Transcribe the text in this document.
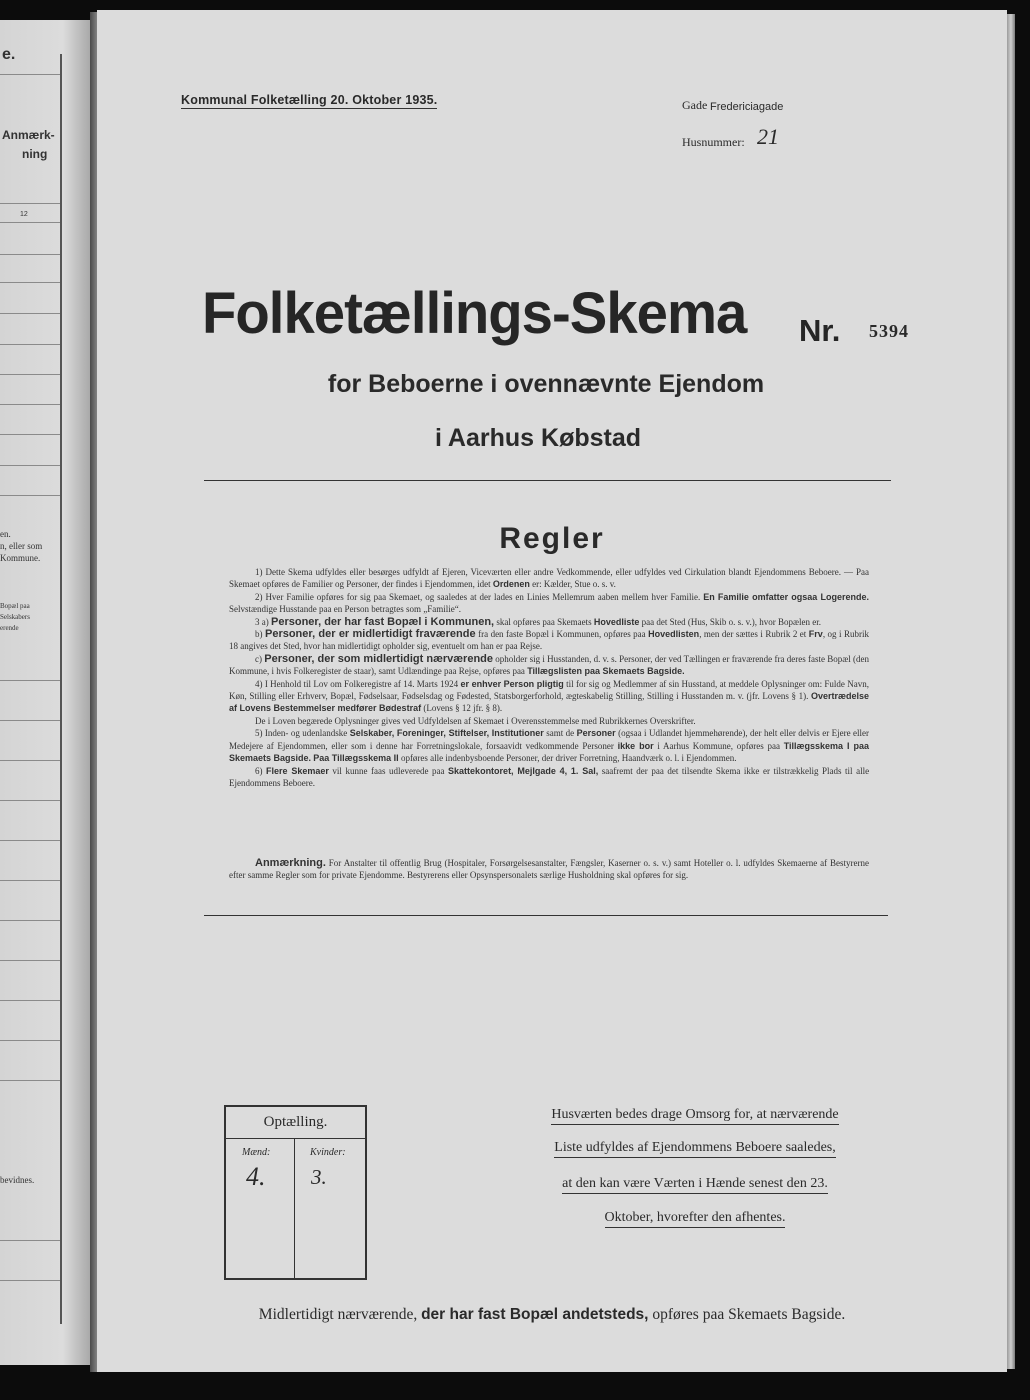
e.
Anmærk-
ning
12
en.
n, eller som
Kommune.
Bopæl paa
Selskabers
erende
bevidnes.
Kommunal Folketælling 20. Oktober 1935.	Gade Fredericiagade
Husnummer: 21
Folketællings-Skema Nr. 5394
for Beboerne i ovennævnte Ejendom
i Aarhus Købstad
Regler

1) Dette Skema udfyldes eller besørges udfyldt af Ejeren, Viceværten eller andre Vedkommende, eller udfyldes ved Cirkulation blandt Ejendommens Beboere. — Paa Skemaet opføres de Familier og Personer, der findes i Ejendommen, idet Ordenen er: Kælder, Stue o. s. v.

2) Hver Familie opføres for sig paa Skemaet, og saaledes at der lades en Linies Mellemrum aaben mellem hver Familie. En Familie omfatter ogsaa Logerende. Selvstændige Husstande paa en Person betragtes som „Familie“.

3 a) Personer, der har fast Bopæl i Kommunen, skal opføres paa Skemaets Hovedliste paa det Sted (Hus, Skib o. s. v.), hvor Bopælen er.

b) Personer, der er midlertidigt fraværende fra den faste Bopæl i Kommunen, opføres paa Hovedlisten, men der sættes i Rubrik 2 et Frv, og i Rubrik 18 angives det Sted, hvor han midlertidigt opholder sig, eventuelt om han er paa Rejse.

c) Personer, der som midlertidigt nærværende opholder sig i Husstanden, d. v. s. Personer, der ved Tællingen er fraværende fra deres faste Bopæl (den Kommune, i hvis Folkeregister de staar), samt Udlændinge paa Rejse, opføres paa Tillægslisten paa Skemaets Bagside.

4) I Henhold til Lov om Folkeregistre af 14. Marts 1924 er enhver Person pligtig til for sig og Medlemmer af sin Husstand, at meddele Oplysninger om: Fulde Navn, Køn, Stilling eller Erhverv, Bopæl, Fødselsaar, Fødselsdag og Fødested, Statsborgerforhold, ægteskabelig Stilling, Stilling i Husstanden m. v. (jfr. Lovens § 1). Overtrædelse af Lovens Bestemmelser medfører Bødestraf (Lovens § 12 jfr. § 8).

De i Loven begærede Oplysninger gives ved Udfyldelsen af Skemaet i Overensstemmelse med Rubrikkernes Overskrifter.

5) Inden- og udenlandske Selskaber, Foreninger, Stiftelser, Institutioner samt de Personer (ogsaa i Udlandet hjemmehørende), der helt eller delvis er Ejere eller Medejere af Ejendommen, eller som i denne har Forretningslokale, forsaavidt vedkommende Personer ikke bor i Aarhus Kommune, opføres paa Tillægsskema I paa Skemaets Bagside. Paa Tillægsskema II opføres alle indenbysboende Personer, der driver Forretning, Haandværk o. l. i Ejendommen.

6) Flere Skemaer vil kunne faas udleverede paa Skattekontoret, Mejlgade 4, 1. Sal, saafremt der paa det tilsendte Skema ikke er tilstrækkelig Plads til alle Ejendommens Beboere.

Anmærkning. For Anstalter til offentlig Brug (Hospitaler, Forsørgelsesanstalter, Fængsler, Kaserner o. s. v.) samt Hoteller o. l. udfyldes Skemaerne af Bestyrerne efter samme Regler som for private Ejendomme. Bestyrerens eller Opsynspersonalets særlige Husholdning skal opføres for sig.
Optælling.
Mænd:	Kvinder:
4. 3.
Husværten bedes drage Omsorg for, at nærværende
Liste udfyldes af Ejendommens Beboere saaledes,
at den kan være Værten i Hænde senest den 23.
Oktober, hvorefter den afhentes.
Midlertidigt nærværende, der har fast Bopæl andetsteds, opføres paa Skemaets Bagside.
